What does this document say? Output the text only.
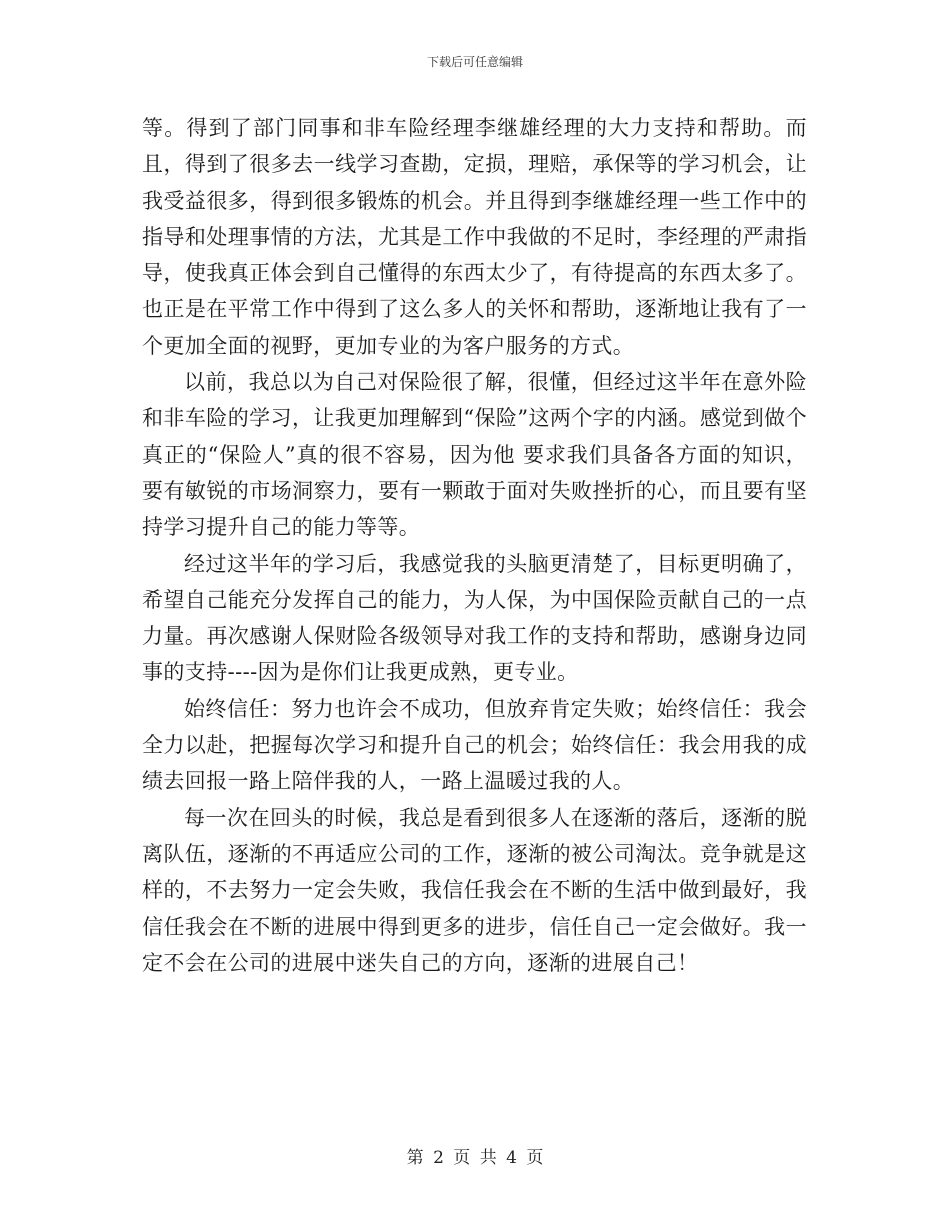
下载后可任意编辑

等。得到了部门同事和非车险经理李继雄经理的大力支持和帮助。而且，得到了很多去一线学习查勘，定损，理赔，承保等的学习机会，让我受益很多，得到很多锻炼的机会。并且得到李继雄经理一些工作中的指导和处理事情的方法，尤其是工作中我做的不足时，李经理的严肃指导，使我真正体会到自己懂得的东西太少了，有待提高的东西太多了。也正是在平常工作中得到了这么多人的关怀和帮助，逐渐地让我有了一个更加全面的视野，更加专业的为客户服务的方式。

以前，我总以为自己对保险很了解，很懂，但经过这半年在意外险和非车险的学习，让我更加理解到“保险”这两个字的内涵。感觉到做个真正的“保险人”真的很不容易，因为他 要求我们具备各方面的知识，要有敏锐的市场洞察力，要有一颗敢于面对失败挫折的心，而且要有坚持学习提升自己的能力等等。

经过这半年的学习后，我感觉我的头脑更清楚了，目标更明确了，希望自己能充分发挥自己的能力，为人保，为中国保险贡献自己的一点力量。再次感谢人保财险各级领导对我工作的支持和帮助，感谢身边同事的支持----因为是你们让我更成熟，更专业。

始终信任：努力也许会不成功，但放弃肯定失败；始终信任：我会全力以赴，把握每次学习和提升自己的机会；始终信任：我会用我的成绩去回报一路上陪伴我的人，一路上温暖过我的人。

每一次在回头的时候，我总是看到很多人在逐渐的落后，逐渐的脱离队伍，逐渐的不再适应公司的工作，逐渐的被公司淘汰。竞争就是这样的，不去努力一定会失败，我信任我会在不断的生活中做到最好，我信任我会在不断的进展中得到更多的进步，信任自己一定会做好。我一定不会在公司的进展中迷失自己的方向，逐渐的进展自己！

第 2 页 共 4 页
